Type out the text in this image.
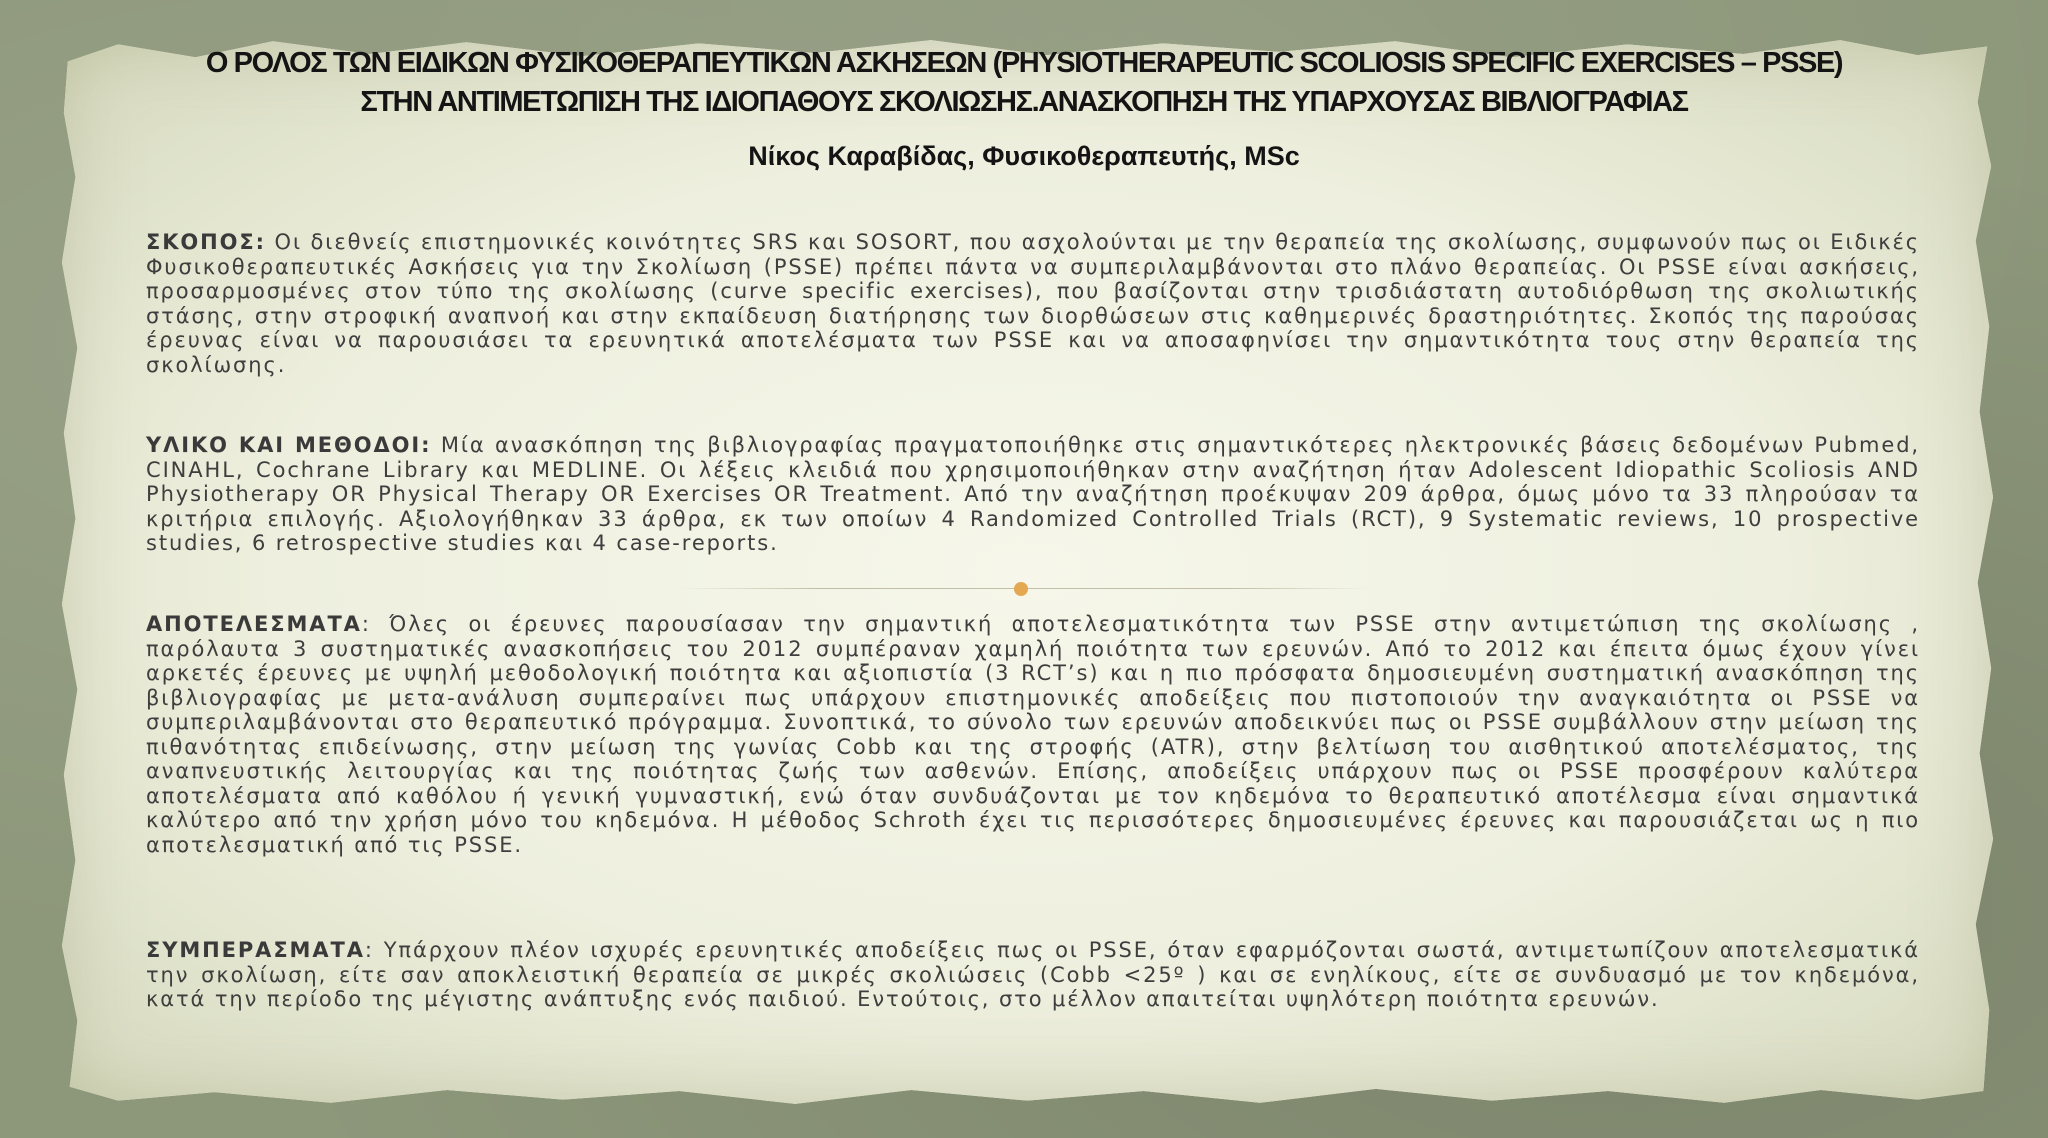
Ο ΡΟΛΟΣ ΤΩΝ ΕΙΔΙΚΩΝ ΦΥΣΙΚΟΘΕΡΑΠΕΥΤΙΚΩΝ ΑΣΚΗΣΕΩΝ (PHYSIOTHERAPEUTIC SCOLIOSIS SPECIFIC EXERCISES – PSSE)
ΣΤΗΝ ΑΝΤΙΜΕΤΩΠΙΣΗ ΤΗΣ ΙΔΙΟΠΑΘΟΥΣ ΣΚΟΛΙΩΣΗΣ.ΑΝΑΣΚΟΠΗΣΗ ΤΗΣ ΥΠΑΡΧΟΥΣΑΣ ΒΙΒΛΙΟΓΡΑΦΙΑΣ

Νίκος Καραβίδας, Φυσικοθεραπευτής, MSc

ΣΚΟΠΟΣ: Οι διεθνείς επιστημονικές κοινότητες SRS και SOSORT, που ασχολούνται με την θεραπεία της σκολίωσης, συμφωνούν πως οι Ειδικές Φυσικοθεραπευτικές Ασκήσεις για την Σκολίωση (PSSE) πρέπει πάντα να συμπεριλαμβάνονται στο πλάνο θεραπείας. Οι PSSE είναι ασκήσεις, προσαρμοσμένες στον τύπο της σκολίωσης (curve specific exercises), που βασίζονται στην τρισδιάστατη αυτοδιόρθωση της σκολιωτικής στάσης, στην στροφική αναπνοή και στην εκπαίδευση διατήρησης των διορθώσεων στις καθημερινές δραστηριότητες. Σκοπός της παρούσας έρευνας είναι να παρουσιάσει τα ερευνητικά αποτελέσματα των PSSE και να αποσαφηνίσει την σημαντικότητα τους στην θεραπεία της σκολίωσης.

ΥΛΙΚΟ ΚΑΙ ΜΕΘΟΔΟΙ: Μία ανασκόπηση της βιβλιογραφίας πραγματοποιήθηκε στις σημαντικότερες ηλεκτρονικές βάσεις δεδομένων Pubmed, CINAHL, Cochrane Library και MEDLINE. Οι λέξεις κλειδιά που χρησιμοποιήθηκαν στην αναζήτηση ήταν Adolescent Idiopathic Scoliosis AND Physiotherapy OR Physical Therapy OR Exercises OR Treatment. Από την αναζήτηση προέκυψαν 209 άρθρα, όμως μόνο τα 33 πληρούσαν τα κριτήρια επιλογής. Αξιολογήθηκαν 33 άρθρα, εκ των οποίων 4 Randomized Controlled Trials (RCT), 9 Systematic reviews, 10 prospective studies, 6 retrospective studies και 4 case-reports.

ΑΠΟΤΕΛΕΣΜΑΤΑ: Όλες οι έρευνες παρουσίασαν την σημαντική αποτελεσματικότητα των PSSE στην αντιμετώπιση της σκολίωσης , παρόλαυτα 3 συστηματικές ανασκοπήσεις του 2012 συμπέραναν χαμηλή ποιότητα των ερευνών. Από το 2012 και έπειτα όμως έχουν γίνει αρκετές έρευνες με υψηλή μεθοδολογική ποιότητα και αξιοπιστία (3 RCT’s) και η πιο πρόσφατα δημοσιευμένη συστηματική ανασκόπηση της βιβλιογραφίας με μετα-ανάλυση συμπεραίνει πως υπάρχουν επιστημονικές αποδείξεις που πιστοποιούν την αναγκαιότητα οι PSSE να συμπεριλαμβάνονται στο θεραπευτικό πρόγραμμα. Συνοπτικά, το σύνολο των ερευνών αποδεικνύει πως οι PSSE συμβάλλουν στην μείωση της πιθανότητας επιδείνωσης, στην μείωση της γωνίας Cobb και της στροφής (ATR), στην βελτίωση του αισθητικού αποτελέσματος, της αναπνευστικής λειτουργίας και της ποιότητας ζωής των ασθενών. Επίσης, αποδείξεις υπάρχουν πως οι PSSE προσφέρουν καλύτερα αποτελέσματα από καθόλου ή γενική γυμναστική, ενώ όταν συνδυάζονται με τον κηδεμόνα το θεραπευτικό αποτέλεσμα είναι σημαντικά καλύτερο από την χρήση μόνο του κηδεμόνα. Η μέθοδος Schroth έχει τις περισσότερες δημοσιευμένες έρευνες και παρουσιάζεται ως η πιο αποτελεσματική από τις PSSE.

ΣΥΜΠΕΡΑΣΜΑΤΑ: Υπάρχουν πλέον ισχυρές ερευνητικές αποδείξεις πως οι PSSE, όταν εφαρμόζονται σωστά, αντιμετωπίζουν αποτελεσματικά την σκολίωση, είτε σαν αποκλειστική θεραπεία σε μικρές σκολιώσεις (Cobb <25º ) και σε ενηλίκους, είτε σε συνδυασμό με τον κηδεμόνα, κατά την περίοδο της μέγιστης ανάπτυξης ενός παιδιού. Εντούτοις, στο μέλλον απαιτείται υψηλότερη ποιότητα ερευνών.
